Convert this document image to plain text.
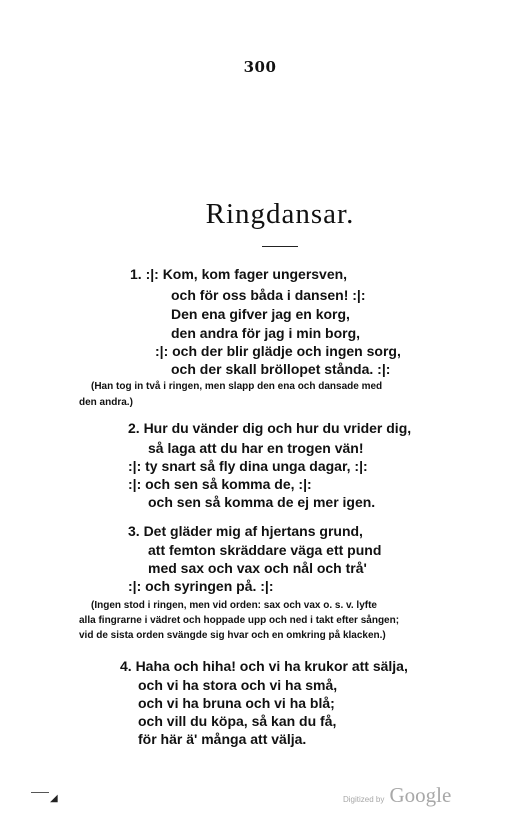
300
Ringdansar.
1. :|: Kom, kom fager ungersven,
och för oss båda i dansen! :|:
Den ena gifver jag en korg,
den andra för jag i min borg,
:|: och der blir glädje och ingen sorg,
och der skall bröllopet stånda. :|:
(Han tog in två i ringen, men slapp den ena och dansade med
den andra.)
2. Hur du vänder dig och hur du vrider dig,
så laga att du har en trogen vän!
:|: ty snart så fly dina unga dagar, :|:
:|: och sen så komma de, :|:
och sen så komma de ej mer igen.
3. Det gläder mig af hjertans grund,
att femton skräddare väga ett pund
med sax och vax och nål och trå'
:|: och syringen på. :|:
(Ingen stod i ringen, men vid orden: sax och vax o. s. v. lyfte
alla fingrarne i vädret och hoppade upp och ned i takt efter sången;
vid de sista orden svängde sig hvar och en omkring på klacken.)
4. Haha och hiha! och vi ha krukor att sälja,
och vi ha stora och vi ha små,
och vi ha bruna och vi ha blå;
och vill du köpa, så kan du få,
för här ä' många att välja.
◢	Digitized by Google
